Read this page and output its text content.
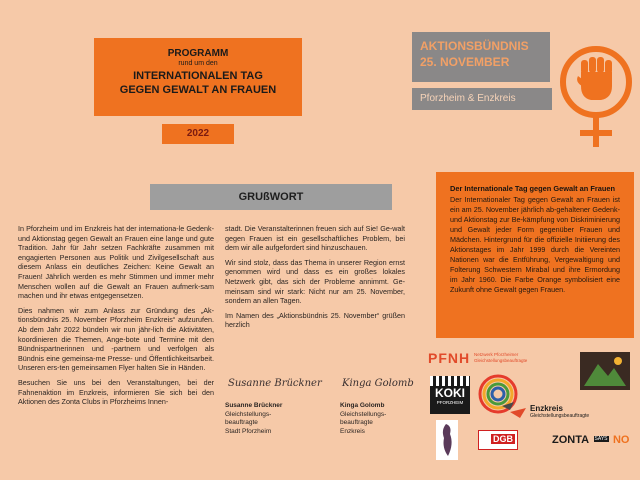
PROGRAMM
rund um den
INTERNATIONALEN TAG
GEGEN GEWALT AN FRAUEN
2022
AKTIONSBÜNDNIS
25. NOVEMBER
Pforzheim & Enzkreis
GRUßWORT

In Pforzheim und im Enzkreis hat der internationa-le Gedenk- und Aktionstag gegen Gewalt an Frauen eine lange und gute Tradition. Jahr für Jahr setzen Fachkräfte zusammen mit engagierten Personen aus Politik und Zivilgesellschaft aus diesem Anlass ein deutliches Zeichen: Keine Gewalt an Frauen! Jährlich werden es mehr Stimmen und immer mehr Menschen wollen auf die Gewalt an Frauen aufmerk-sam machen und ihr etwas entgegensetzen.

Dies nahmen wir zum Anlass zur Gründung des „Ak-tionsbündnis 25. November Pforzheim Enzkreis“ aufzurufen. Ab dem Jahr 2022 bündeln wir nun jähr-lich die Aktivitäten, koordinieren die Themen, Ange-bote und Termine mit den Bündnispartnerinnen und -partnern und verfolgen als Bündnis eine gemeinsa-me Presse- und Öffentlichkeitsarbeit. Unseren ers-ten gemeinsamen Flyer halten Sie in Händen.

Besuchen Sie uns bei den Veranstaltungen, bei der Fahnenaktion im Enzkreis, informieren Sie sich bei den Aktionen des Zonta Clubs in Pforzheims Innen-

stadt. Die Veranstalterinnen freuen sich auf Sie! Ge-walt gegen Frauen ist ein gesellschaftliches Problem, bei dem wir alle aufgefordert sind hinzuschauen.

Wir sind stolz, dass das Thema in unserer Region ernst genommen wird und dass es ein großes lokales Netzwerk gibt, das sich der Probleme annimmt. Ge-meinsam sind wir stark: Nicht nur am 25. November, sondern an allen Tagen.

Im Namen des „Aktionsbündnis 25. November“ grüßen herzlich

Susanne Brückner Kinga Golomb
Susanne Brückner
Gleichstellungs-
beauftragte
Stadt Pforzheim
Kinga Golomb
Gleichstellungs-
beauftragte
Enzkreis
Der Internationale Tag gegen Gewalt an Frauen
Der Internationaler Tag gegen Gewalt an Frauen ist ein am 25. November jährlich ab-gehaltener Gedenk- und Aktionstag zur Be-kämpfung von Diskriminierung und Gewalt jeder Form gegenüber Frauen und Mädchen. Hintergrund für die offizielle Initiierung des Aktionstages im Jahr 1999 durch die Vereinten Nationen war die Entführung, Vergewaltigung und Folterung Schwestern Mirabal und ihre Ermordung im Jahr 1960. Die Farbe Orange symbolisiert eine Zukunft ohne Gewalt gegen Frauen.
PFNH Netzwerk Pforzheimer Gleichstellungsbeauftragte
KOKI
PFORZHEIM
Enzkreis
Gleichstellungsbeauftragte
DGB	ZONTA SAYS NO
